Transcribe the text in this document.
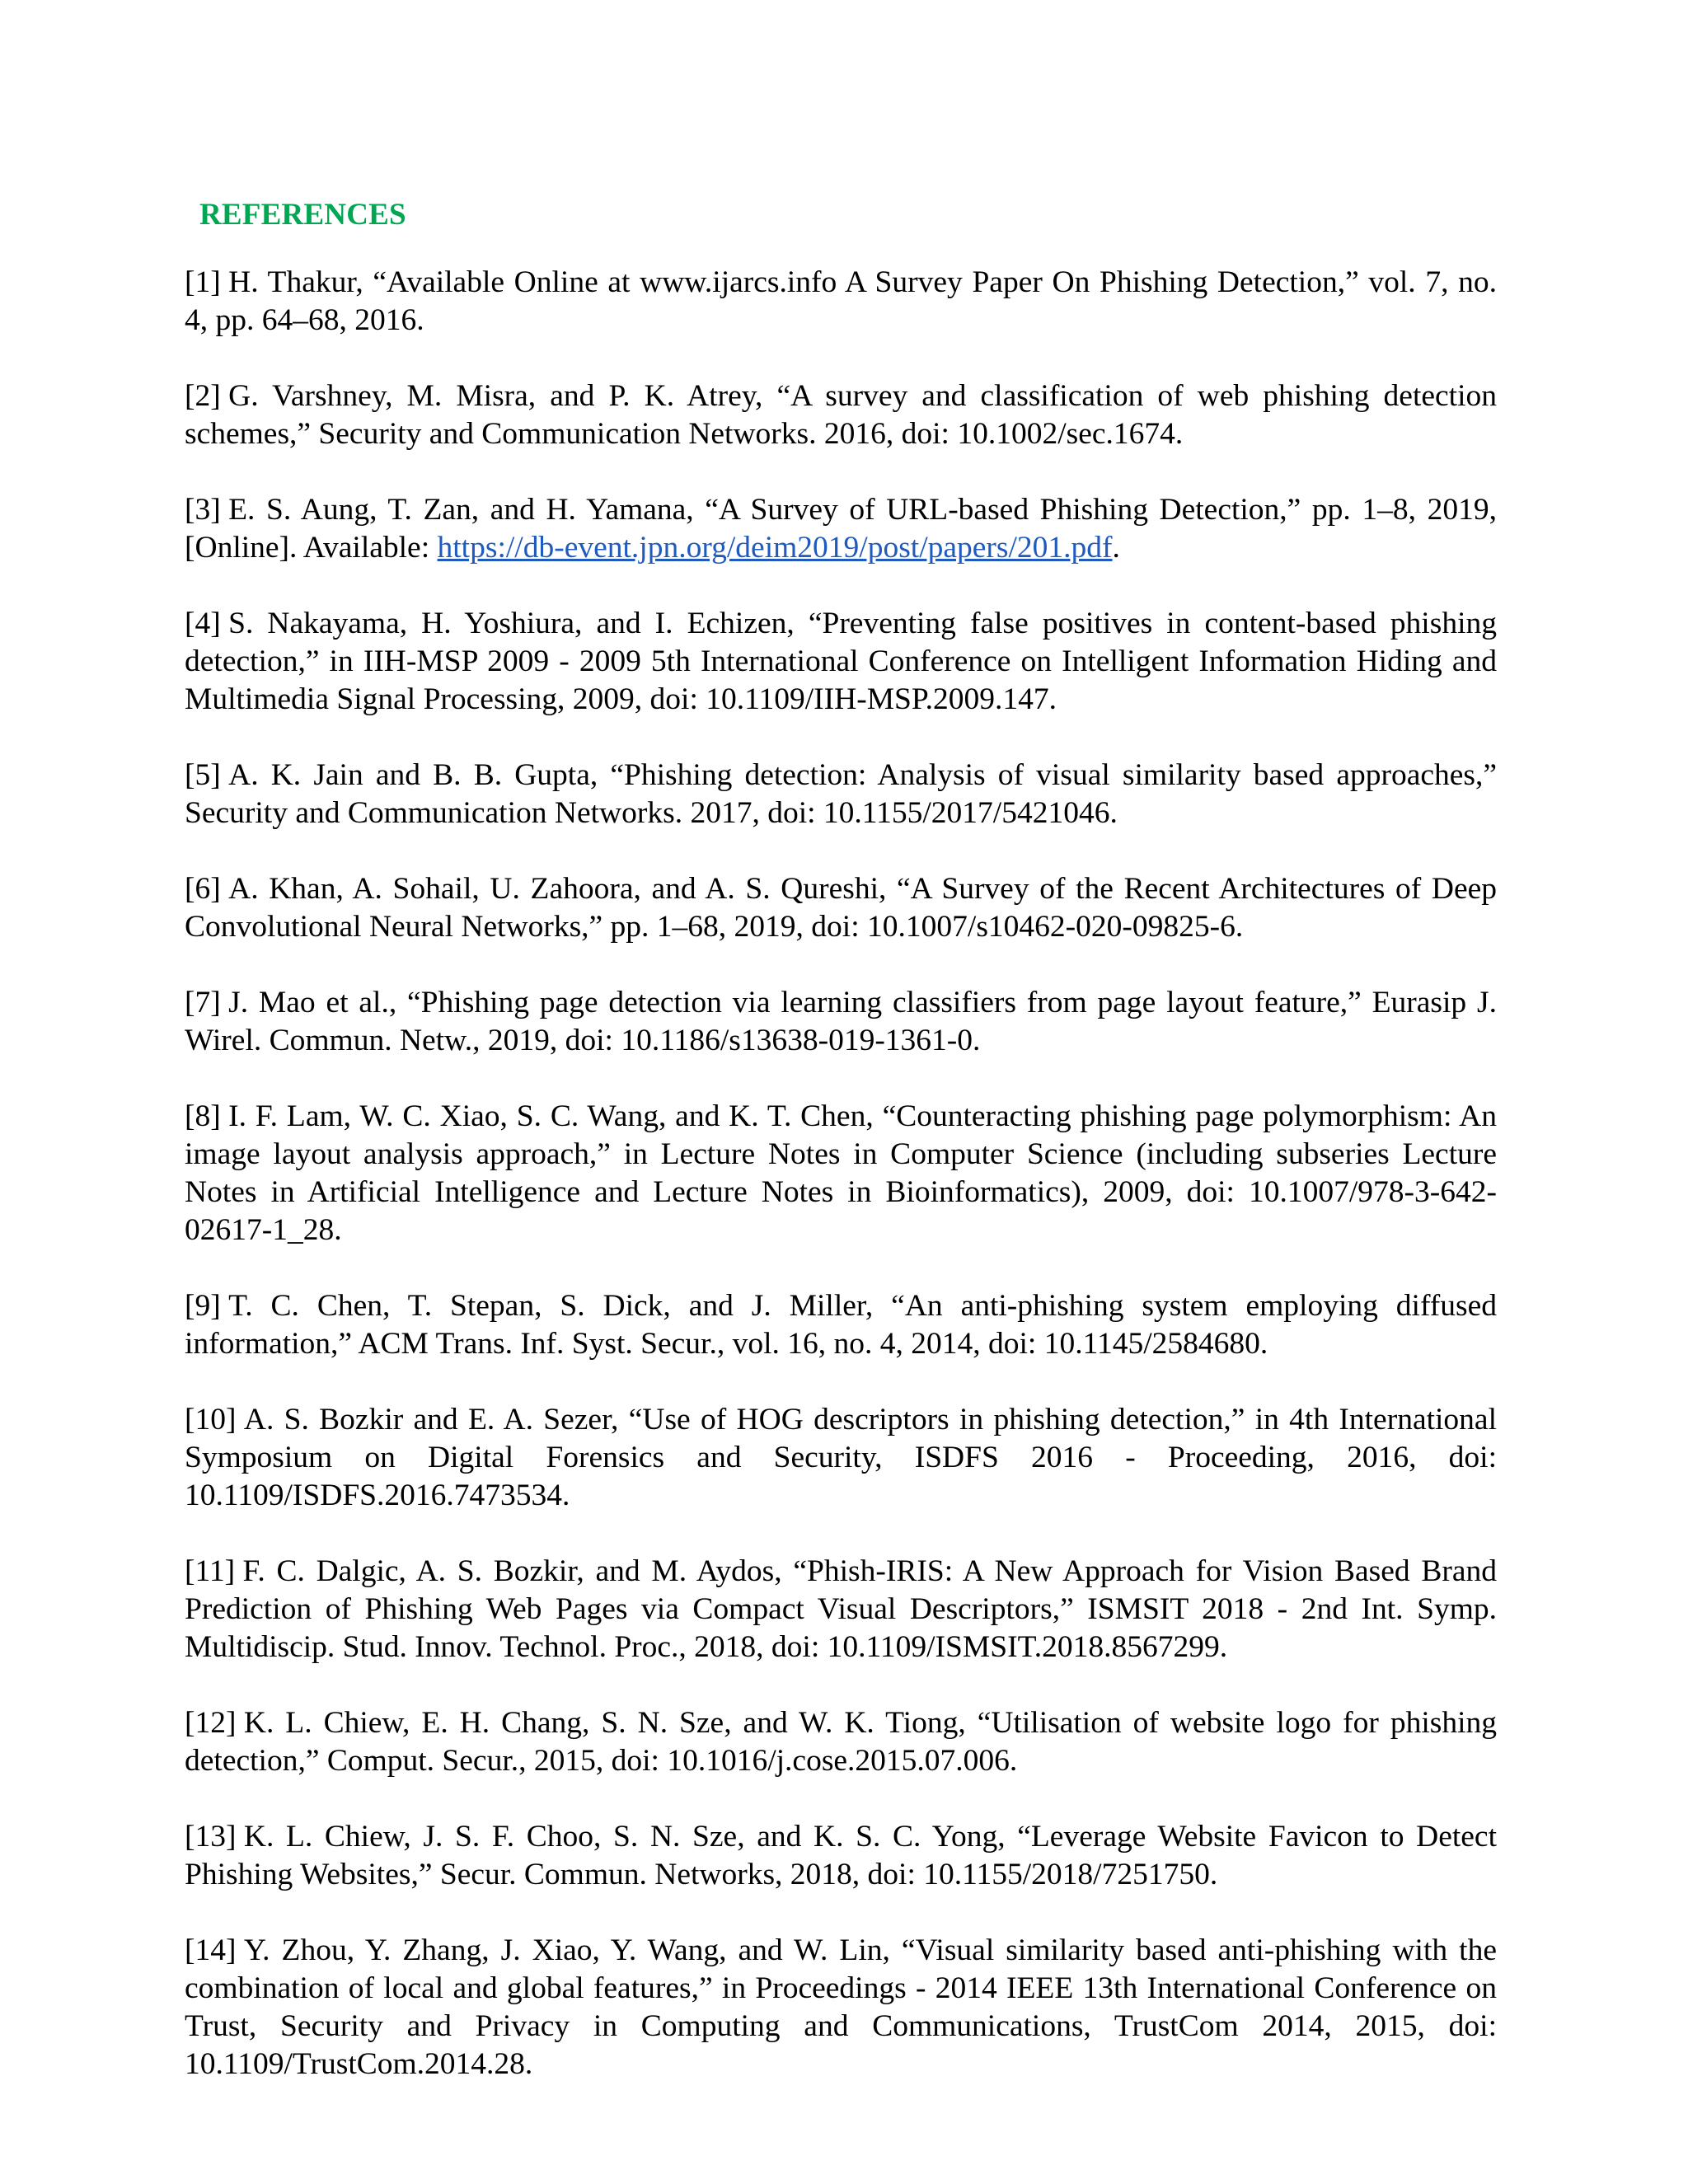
REFERENCES
[1] H. Thakur, “Available Online at www.ijarcs.info A Survey Paper On Phishing Detection,” vol. 7, no. 4, pp. 64–68, 2016.
[2] G. Varshney, M. Misra, and P. K. Atrey, “A survey and classification of web phishing detection schemes,” Security and Communication Networks. 2016, doi: 10.1002/sec.1674.
[3] E. S. Aung, T. Zan, and H. Yamana, “A Survey of URL-based Phishing Detection,” pp. 1–8, 2019, [Online]. Available: https://db-event.jpn.org/deim2019/post/papers/201.pdf.
[4] S. Nakayama, H. Yoshiura, and I. Echizen, “Preventing false positives in content-based phishing detection,” in IIH-MSP 2009 - 2009 5th International Conference on Intelligent Information Hiding and Multimedia Signal Processing, 2009, doi: 10.1109/IIH-MSP.2009.147.
[5] A. K. Jain and B. B. Gupta, “Phishing detection: Analysis of visual similarity based approaches,” Security and Communication Networks. 2017, doi: 10.1155/2017/5421046.
[6] A. Khan, A. Sohail, U. Zahoora, and A. S. Qureshi, “A Survey of the Recent Architectures of Deep Convolutional Neural Networks,” pp. 1–68, 2019, doi: 10.1007/s10462-020-09825-6.
[7] J. Mao et al., “Phishing page detection via learning classifiers from page layout feature,” Eurasip J. Wirel. Commun. Netw., 2019, doi: 10.1186/s13638-019-1361-0.
[8] I. F. Lam, W. C. Xiao, S. C. Wang, and K. T. Chen, “Counteracting phishing page polymorphism: An image layout analysis approach,” in Lecture Notes in Computer Science (including subseries Lecture Notes in Artificial Intelligence and Lecture Notes in Bioinformatics), 2009, doi: 10.1007/978-3-642- 02617-1_28.
[9] T. C. Chen, T. Stepan, S. Dick, and J. Miller, “An anti-phishing system employing diffused information,” ACM Trans. Inf. Syst. Secur., vol. 16, no. 4, 2014, doi: 10.1145/2584680.
[10] A. S. Bozkir and E. A. Sezer, “Use of HOG descriptors in phishing detection,” in 4th International Symposium on Digital Forensics and Security, ISDFS 2016 - Proceeding, 2016, doi: 10.1109/ISDFS.2016.7473534.
[11] F. C. Dalgic, A. S. Bozkir, and M. Aydos, “Phish-IRIS: A New Approach for Vision Based Brand Prediction of Phishing Web Pages via Compact Visual Descriptors,” ISMSIT 2018 - 2nd Int. Symp. Multidiscip. Stud. Innov. Technol. Proc., 2018, doi: 10.1109/ISMSIT.2018.8567299.
[12] K. L. Chiew, E. H. Chang, S. N. Sze, and W. K. Tiong, “Utilisation of website logo for phishing detection,” Comput. Secur., 2015, doi: 10.1016/j.cose.2015.07.006.
[13] K. L. Chiew, J. S. F. Choo, S. N. Sze, and K. S. C. Yong, “Leverage Website Favicon to Detect Phishing Websites,” Secur. Commun. Networks, 2018, doi: 10.1155/2018/7251750.
[14] Y. Zhou, Y. Zhang, J. Xiao, Y. Wang, and W. Lin, “Visual similarity based anti-phishing with the combination of local and global features,” in Proceedings - 2014 IEEE 13th International Conference on Trust, Security and Privacy in Computing and Communications, TrustCom 2014, 2015, doi: 10.1109/TrustCom.2014.28.
